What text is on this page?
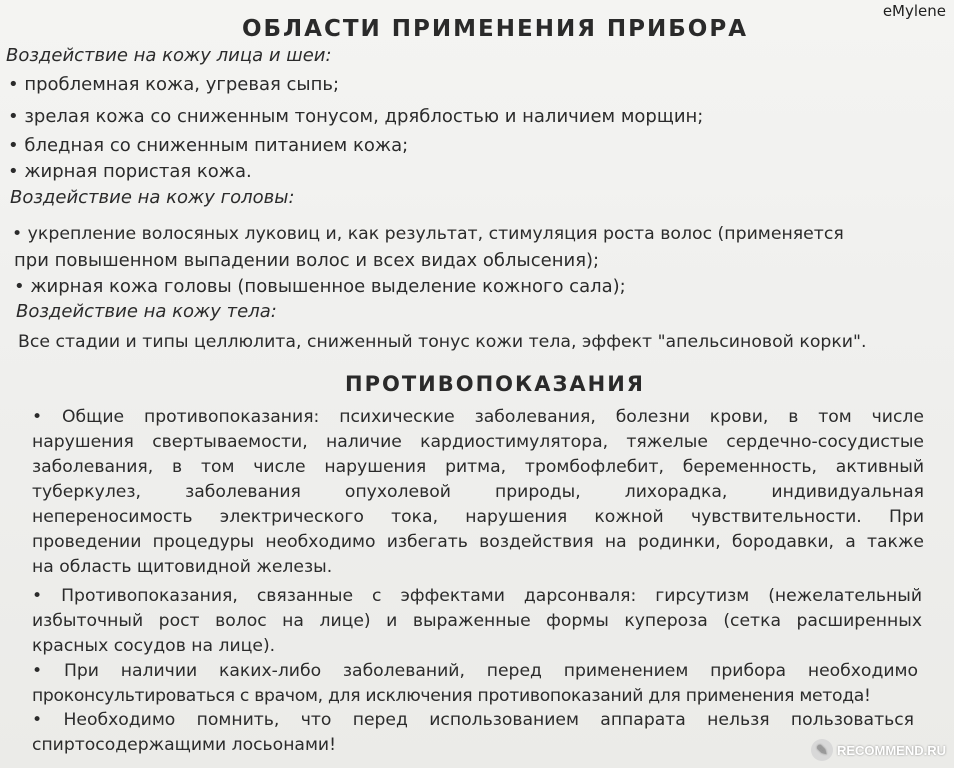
eMylene
ОБЛАСТИ ПРИМЕНЕНИЯ ПРИБОРА
Воздействие на кожу лица и шеи:
• проблемная кожа, угревая сыпь;
• зрелая кожа со сниженным тонусом, дряблостью и наличием морщин;
• бледная со сниженным питанием кожа;
• жирная пористая кожа.
Воздействие на кожу головы:
• укрепление волосяных луковиц и, как результат, стимуляция роста волос (применяется
при повышенном выпадении волос и всех видах облысения);
• жирная кожа головы (повышенное выделение кожного сала);
Воздействие на кожу тела:
Все стадии и типы целлюлита, сниженный тонус кожи тела, эффект "апельсиновой корки".
ПРОТИВОПОКАЗАНИЯ
• Общие противопоказания: психические заболевания, болезни крови, в том числе
нарушения свертываемости, наличие кардиостимулятора, тяжелые сердечно-сосудистые
заболевания, в том числе нарушения ритма, тромбофлебит, беременность, активный
туберкулез, заболевания опухолевой природы, лихорадка, индивидуальная
непереносимость электрического тока, нарушения кожной чувствительности. При
проведении процедуры необходимо избегать воздействия на родинки, бородавки, а также
на область щитовидной железы.
• Противопоказания, связанные с эффектами дарсонваля: гирсутизм (нежелательный
избыточный рост волос на лице) и выраженные формы купероза (сетка расширенных
красных сосудов на лице).
• При наличии каких-либо заболеваний, перед применением прибора необходимо
проконсультироваться с врачом, для исключения противопоказаний для применения метода!
• Необходимо помнить, что перед использованием аппарата нельзя пользоваться
спиртосодержащими лосьонами!	✎ RECOMMEND.RU
